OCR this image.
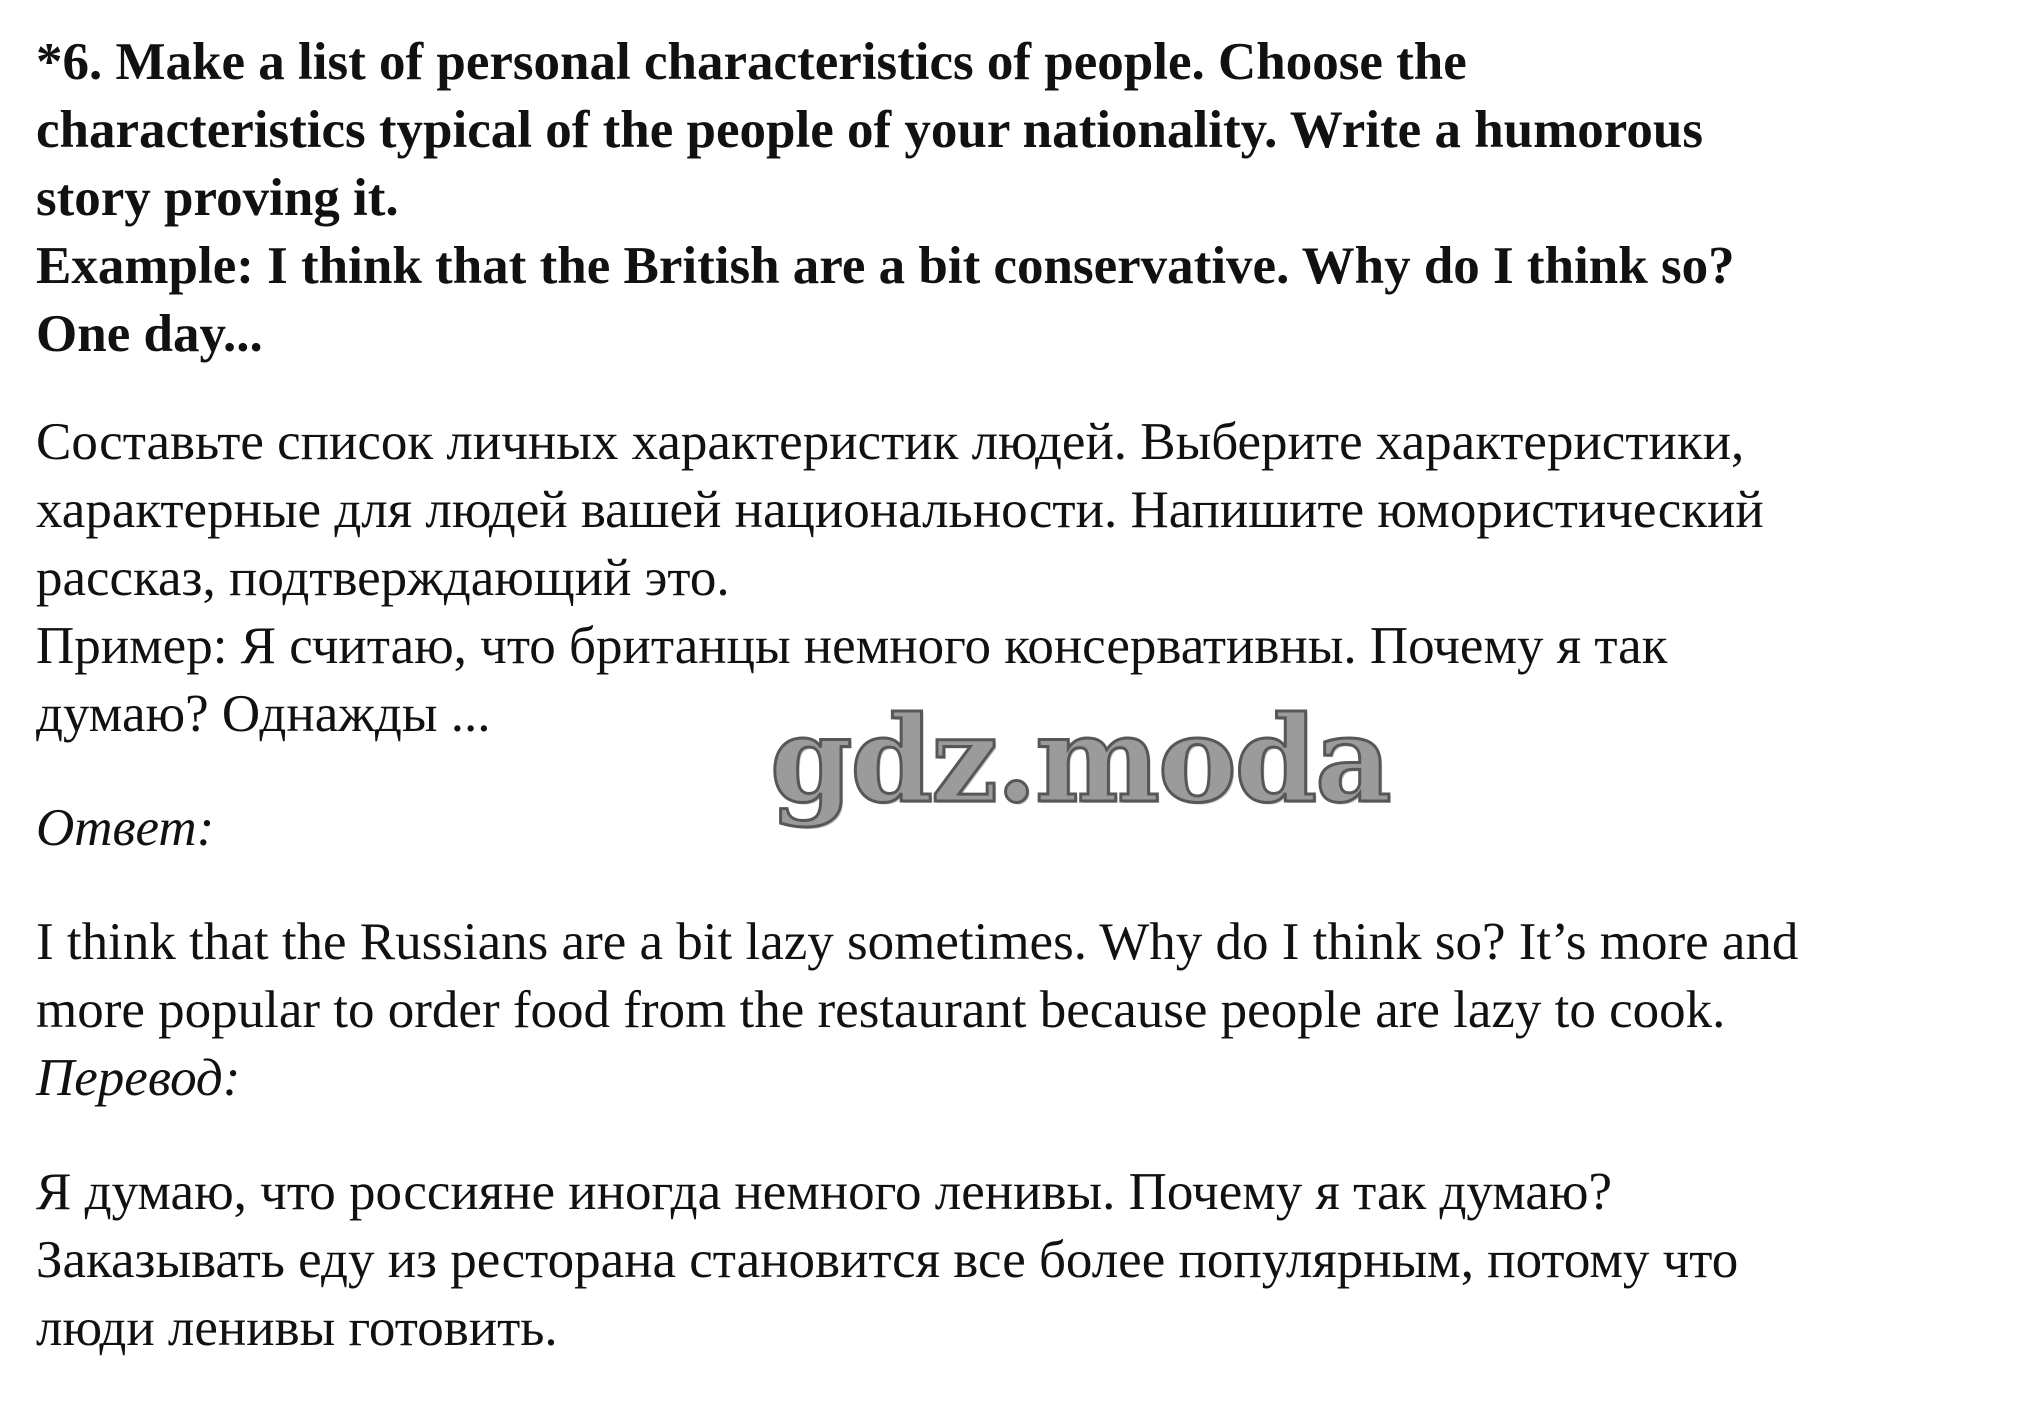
*6. Make a list of personal characteristics of people. Choose the

characteristics typical of the people of your nationality. Write a humorous

story proving it.

Example: I think that the British are a bit conservative. Why do I think so?

One day...

Составьте список личных характеристик людей. Выберите характеристики,

характерные для людей вашей национальности. Напишите юмористический

рассказ, подтверждающий это.

Пример: Я считаю, что британцы немного консервативны. Почему я так

думаю? Однажды ...

Ответ:

I think that the Russians are a bit lazy sometimes. Why do I think so? It’s more and

more popular to order food from the restaurant because people are lazy to cook.

Перевод:

Я думаю, что россияне иногда немного ленивы. Почему я так думаю?

Заказывать еду из ресторана становится все более популярным, потому что

люди ленивы готовить.

gdz.moda
